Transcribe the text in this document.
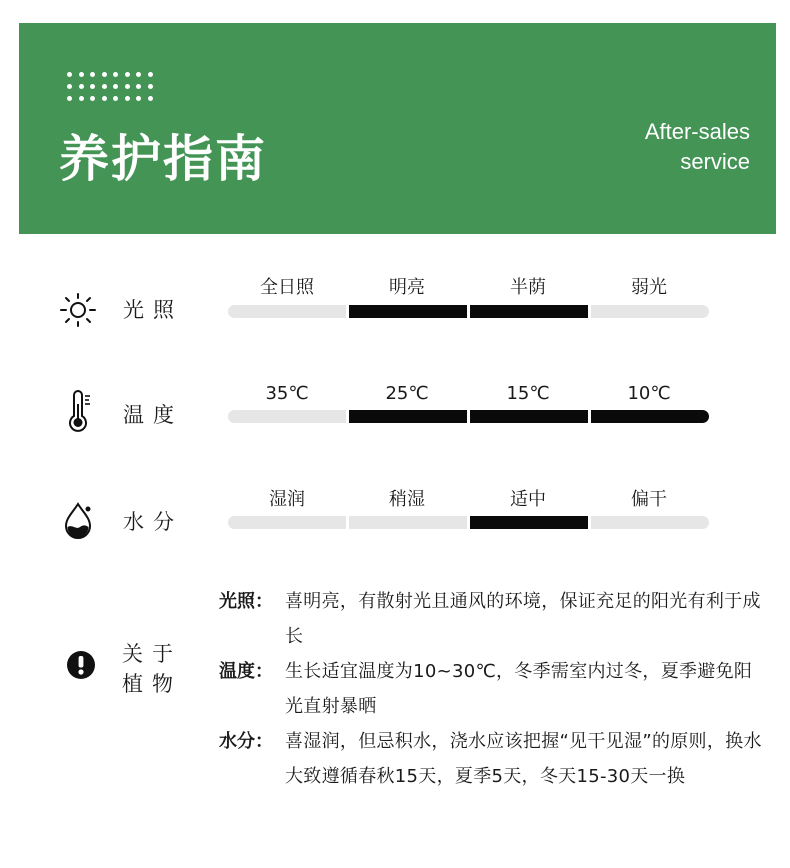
养护指南	After-sales
service
光照
全日照	明亮	半荫	弱光
温度
35℃	25℃	15℃	10℃
水分
湿润	稍湿	适中	偏干
关于植物
光照： 喜明亮，有散射光且通风的环境，保证充足的阳光有利于成长
温度： 生长适宜温度为10~30℃，冬季需室内过冬，夏季避免阳光直射暴晒
水分： 喜湿润，但忌积水，浇水应该把握“见干见湿”的原则，换水大致遵循春秋15天，夏季5天，冬天15-30天一换
